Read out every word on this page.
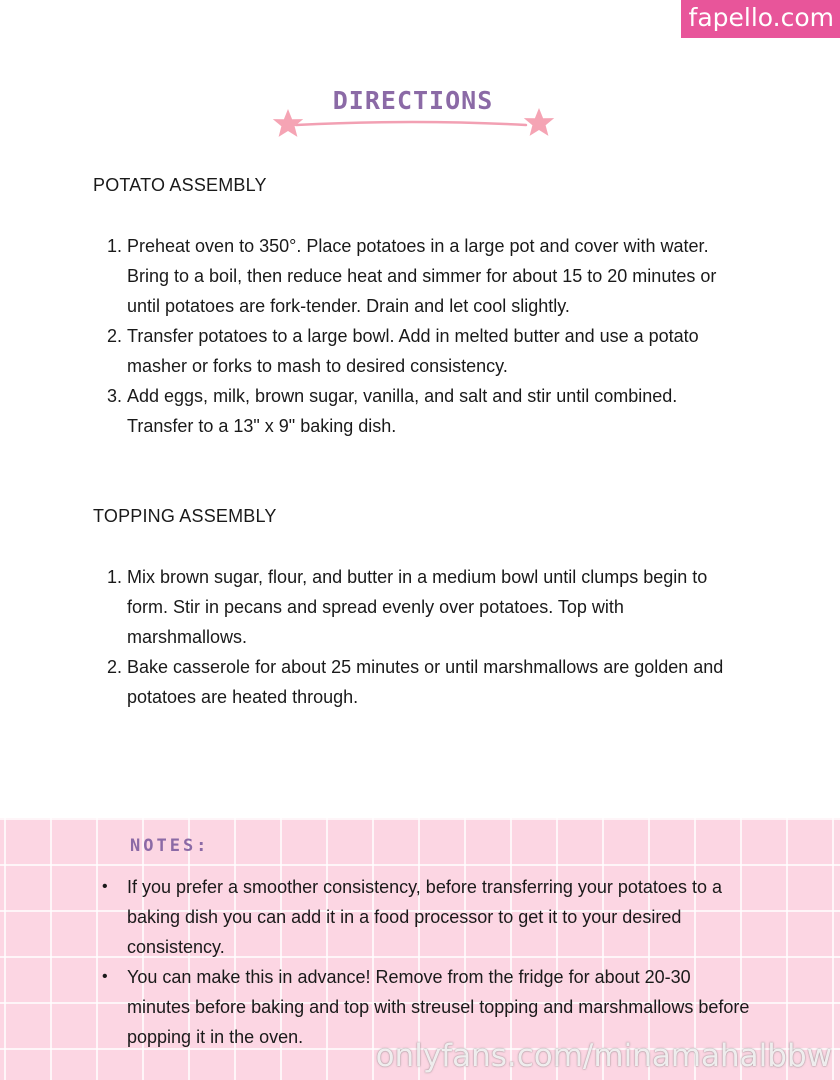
fapello.com
DIRECTIONS
POTATO ASSEMBLY
1. Preheat oven to 350°. Place potatoes in a large pot and cover with water. Bring to a boil, then reduce heat and simmer for about 15 to 20 minutes or until potatoes are fork-tender. Drain and let cool slightly.
2. Transfer potatoes to a large bowl. Add in melted butter and use a potato masher or forks to mash to desired consistency.
3. Add eggs, milk, brown sugar, vanilla, and salt and stir until combined. Transfer to a 13" x 9" baking dish.
TOPPING ASSEMBLY
1. Mix brown sugar, flour, and butter in a medium bowl until clumps begin to form. Stir in pecans and spread evenly over potatoes. Top with marshmallows.
2. Bake casserole for about 25 minutes or until marshmallows are golden and potatoes are heated through.
NOTES:
• If you prefer a smoother consistency, before transferring your potatoes to a baking dish you can add it in a food processor to get it to your desired consistency.
• You can make this in advance! Remove from the fridge for about 20-30 minutes before baking and top with streusel topping and marshmallows before popping it in the oven.
onlyfans.com/minamahalbbw
